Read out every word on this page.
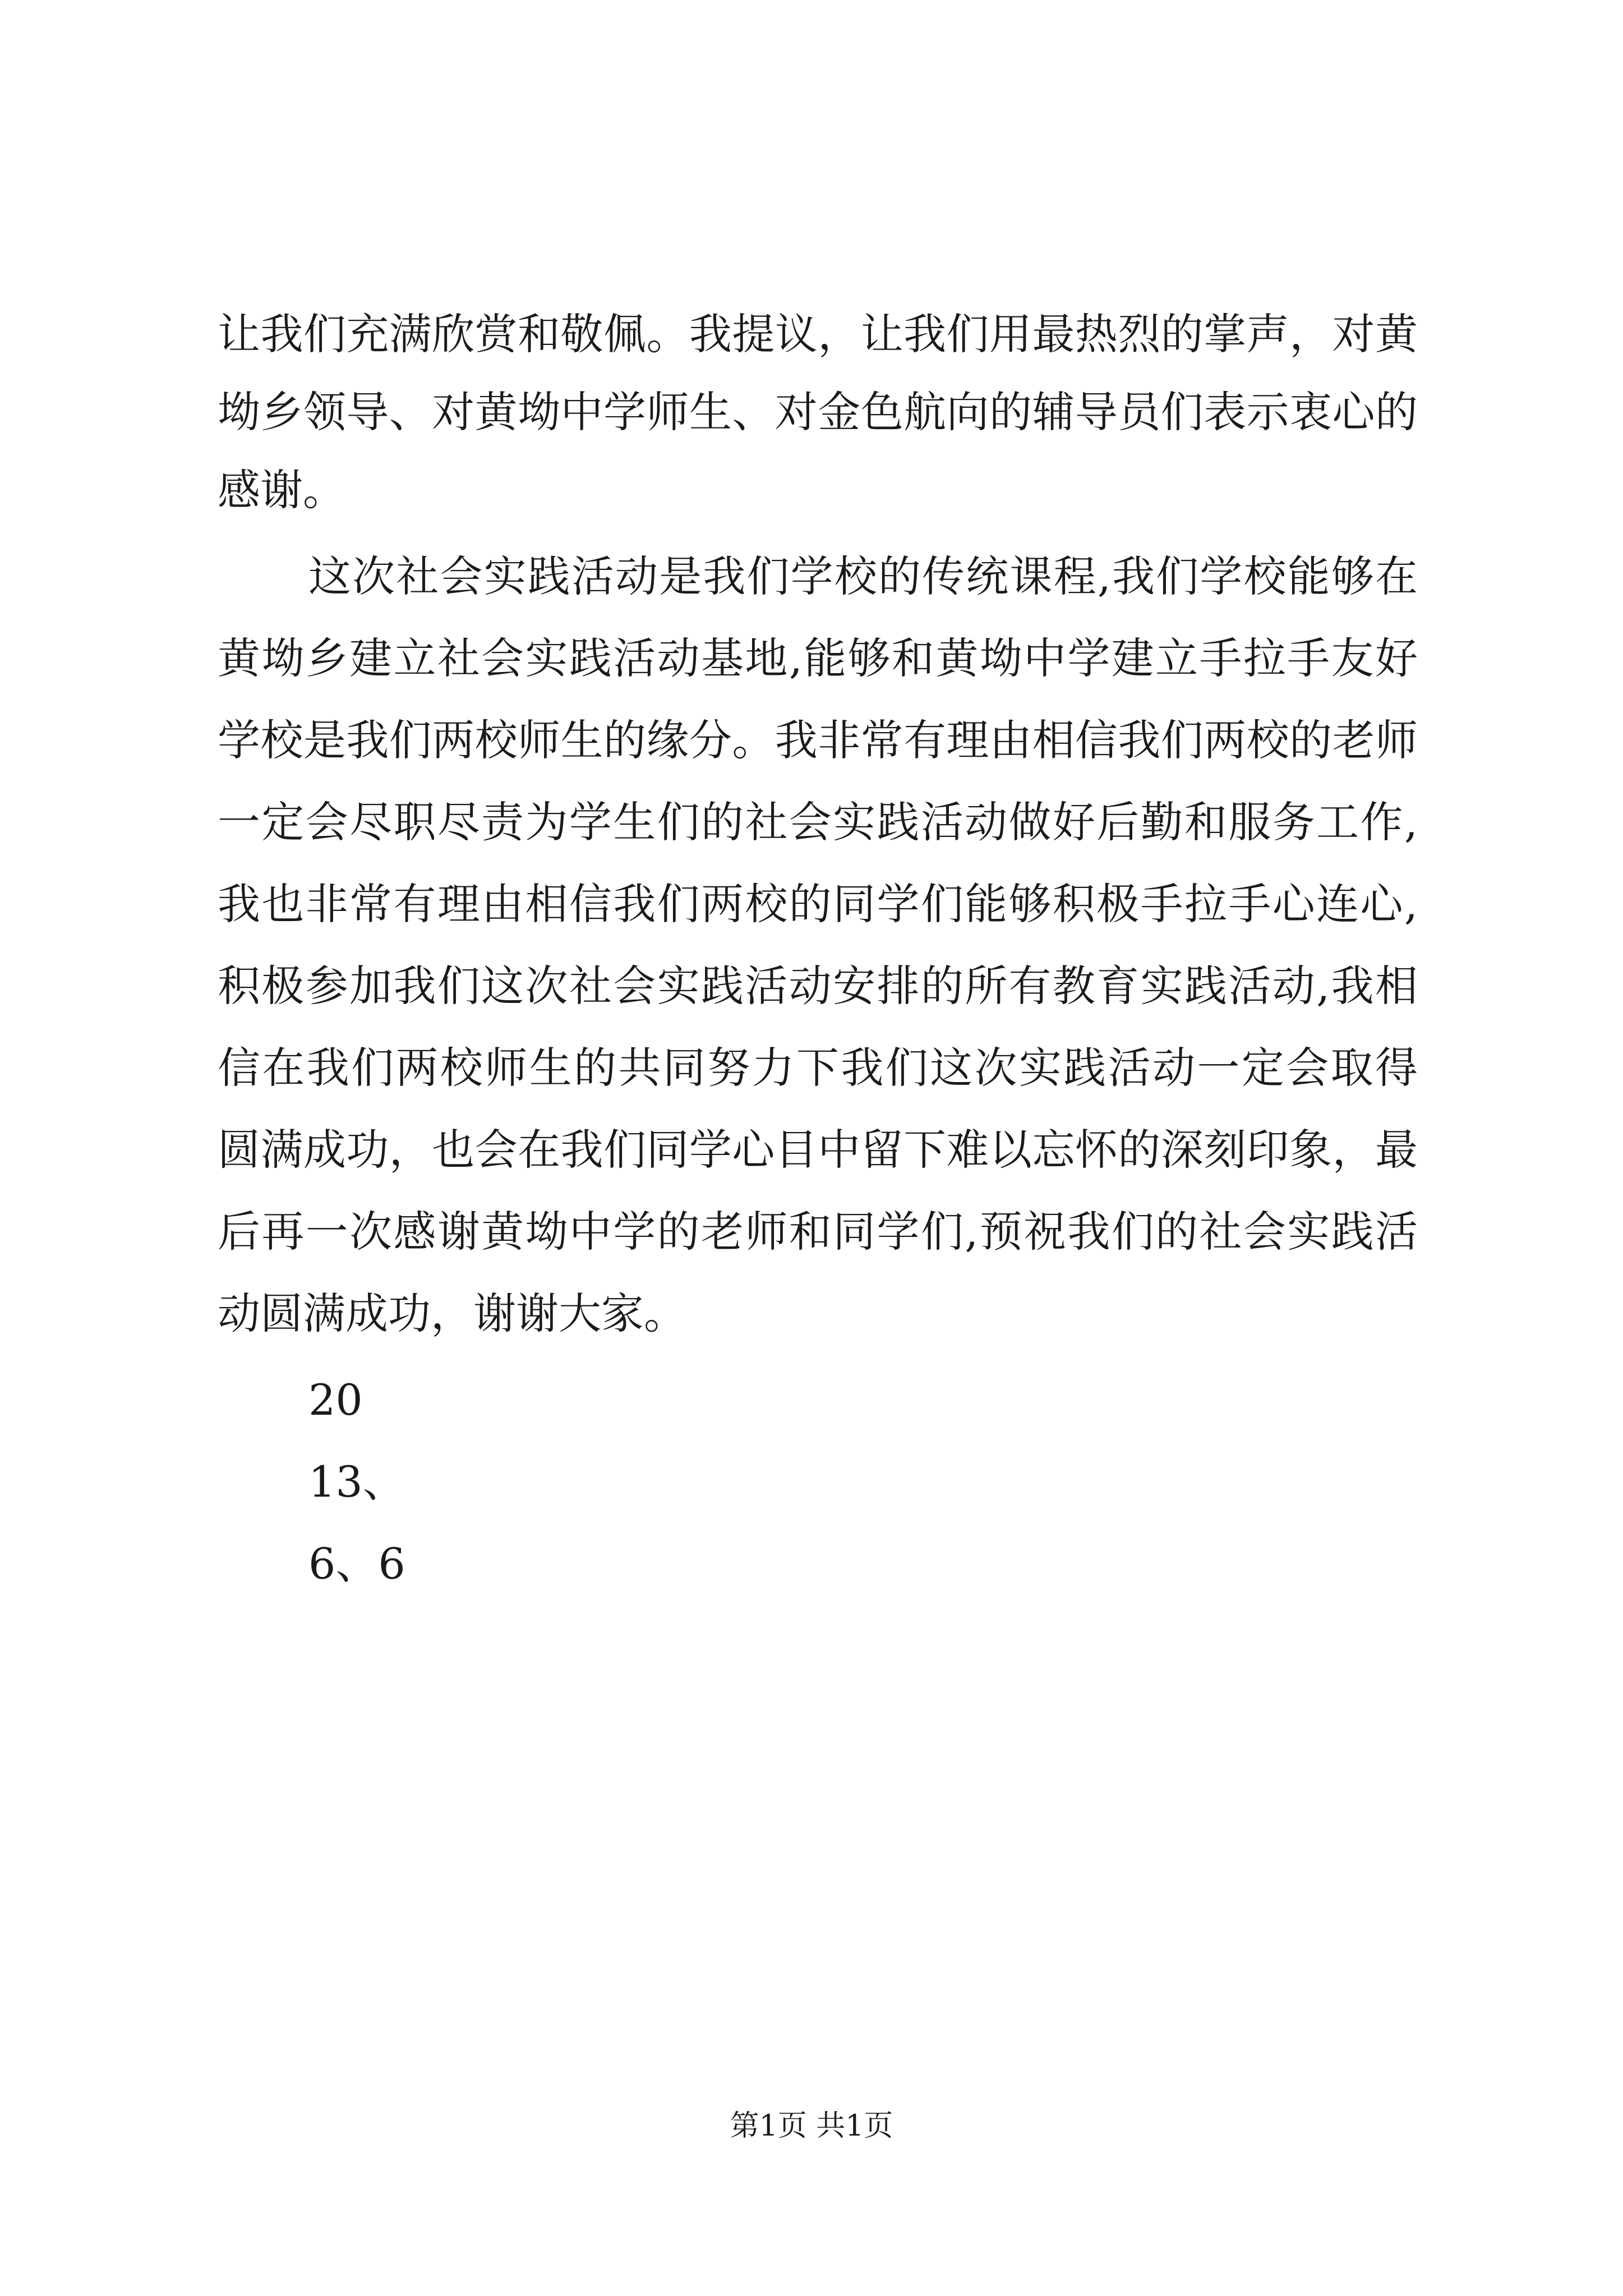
让我们充满欣赏和敬佩。我提议，让我们用最热烈的掌声，对黄

坳乡领导、对黄坳中学师生、对金色航向的辅导员们表示衷心的

感谢。

这次社会实践活动是我们学校的传统课程,我们学校能够在

黄坳乡建立社会实践活动基地,能够和黄坳中学建立手拉手友好

学校是我们两校师生的缘分。我非常有理由相信我们两校的老师

一定会尽职尽责为学生们的社会实践活动做好后勤和服务工作,

我也非常有理由相信我们两校的同学们能够积极手拉手心连心,

积极参加我们这次社会实践活动安排的所有教育实践活动,我相

信在我们两校师生的共同努力下我们这次实践活动一定会取得

圆满成功，也会在我们同学心目中留下难以忘怀的深刻印象，最

后再一次感谢黄坳中学的老师和同学们,预祝我们的社会实践活

动圆满成功，谢谢大家。

20

13、

6、6

第1页 共1页
